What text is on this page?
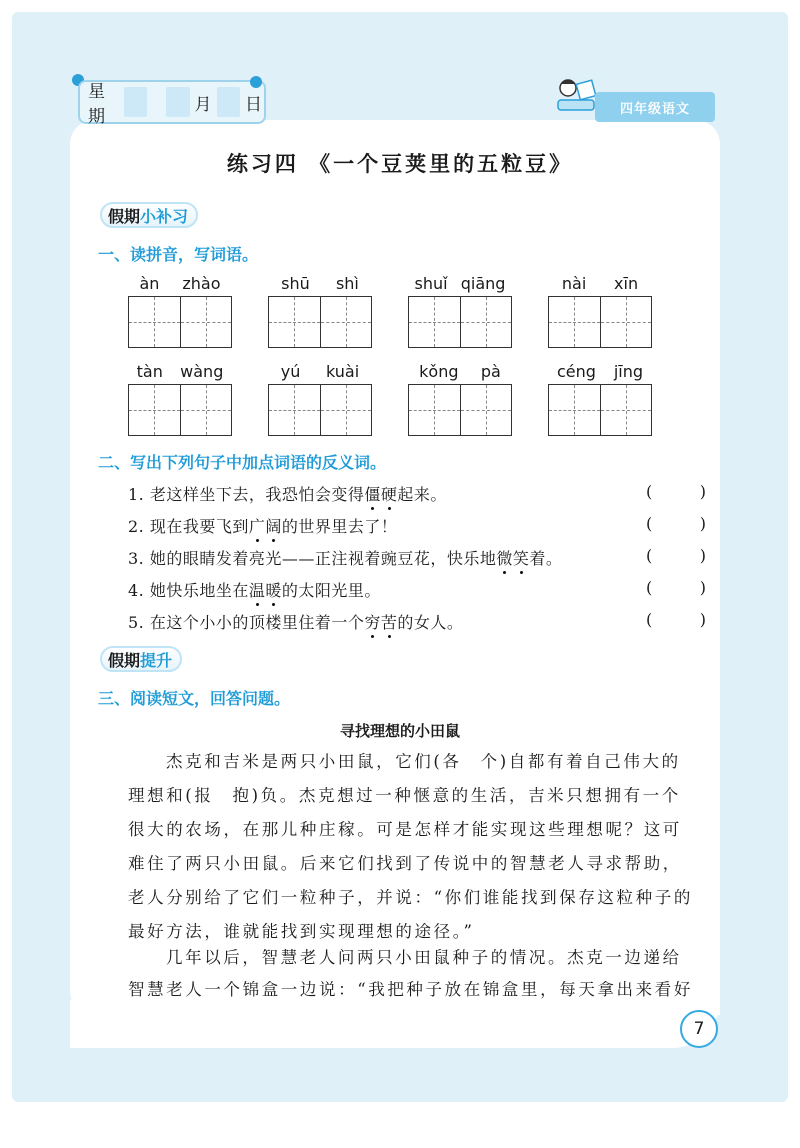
星期
月 日	四年级语文
练习四 《一个豆荚里的五粒豆》
假期 小补习
一、读拼音，写词语。
àn zhào	shū shì	shuǐ qiāng	nài xīn
tàn wàng	yú kuài	kǒng pà	céng jīng
二、写出下列句子中加点词语的反义词。
1. 老这样坐下去，我恐怕会变得僵硬起来。	(	)
2. 现在我要飞到广阔的世界里去了！	(	)
3. 她的眼睛发着亮光——正注视着豌豆花，快乐地微笑着。	(	)
4. 她快乐地坐在温暖的太阳光里。	(	)
5. 在这个小小的顶楼里住着一个穷苦的女人。	(	)
假期 提升
三、阅读短文，回答问题。
寻找理想的小田鼠
杰克和吉米是两只小田鼠，它们(各　个)自都有着自己伟大的
理想和(报　抱)负。杰克想过一种惬意的生活，吉米只想拥有一个
很大的农场，在那儿种庄稼。可是怎样才能实现这些理想呢？这可
难住了两只小田鼠。后来它们找到了传说中的智慧老人寻求帮助，
老人分别给了它们一粒种子，并说：“你们谁能找到保存这粒种子的
最好方法，谁就能找到实现理想的途径。”
几年以后，智慧老人问两只小田鼠种子的情况。杰克一边递给
智慧老人一个锦盒一边说：“我把种子放在锦盒里，每天拿出来看好
7
